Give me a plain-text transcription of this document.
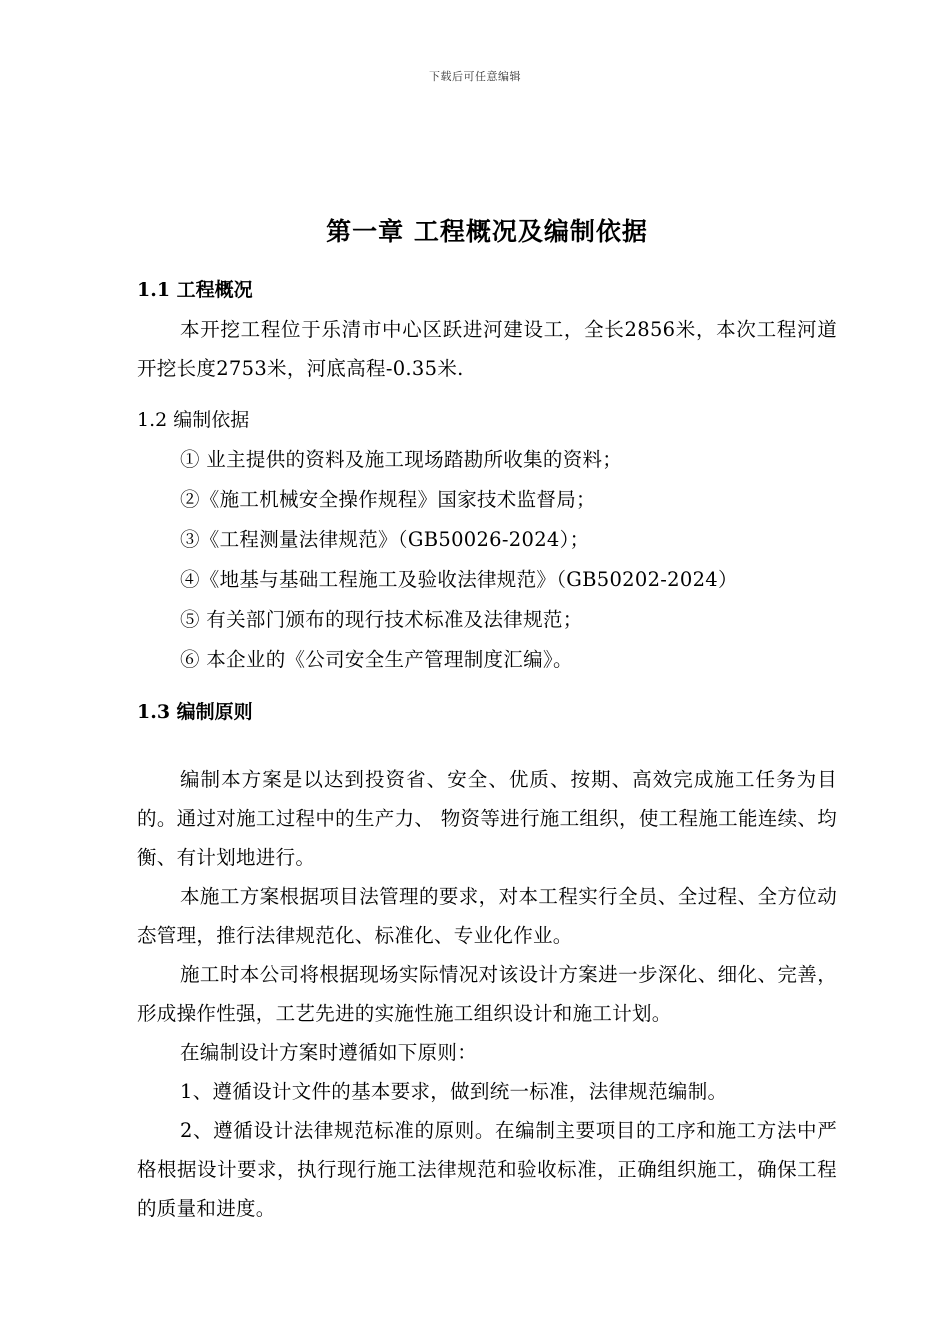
下载后可任意编辑
第一章 工程概况及编制依据
1.1 工程概况

本开挖工程位于乐清市中心区跃进河建设工，全长2856米，本次工程河道开挖长度2753米，河底高程-0.35米.

1.2 编制依据

① 业主提供的资料及施工现场踏勘所收集的资料；

②《施工机械安全操作规程》国家技术监督局；

③《工程测量法律规范》（GB50026-2024）；

④《地基与基础工程施工及验收法律规范》（GB50202-2024）

⑤ 有关部门颁布的现行技术标准及法律规范；

⑥ 本企业的《公司安全生产管理制度汇编》。

1.3 编制原则

编制本方案是以达到投资省、安全、优质、按期、高效完成施工任务为目的。通过对施工过程中的生产力、 物资等进行施工组织，使工程施工能连续、均衡、有计划地进行。

本施工方案根据项目法管理的要求，对本工程实行全员、全过程、全方位动态管理，推行法律规范化、标准化、专业化作业。

施工时本公司将根据现场实际情况对该设计方案进一步深化、细化、完善，形成操作性强，工艺先进的实施性施工组织设计和施工计划。

在编制设计方案时遵循如下原则：

1、遵循设计文件的基本要求，做到统一标准，法律规范编制。

2、遵循设计法律规范标准的原则。在编制主要项目的工序和施工方法中严格根据设计要求，执行现行施工法律规范和验收标准，正确组织施工，确保工程的质量和进度。
